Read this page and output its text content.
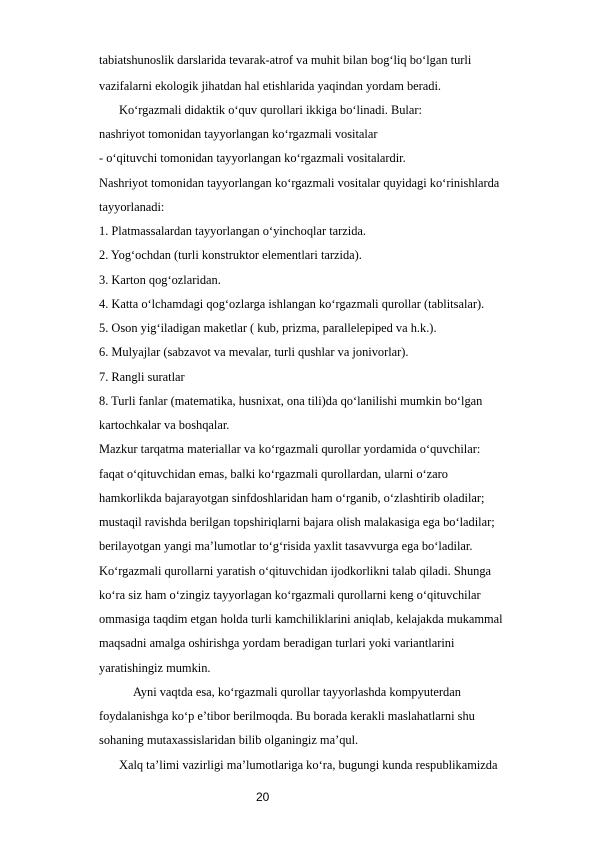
tabiatshunoslik darslarida tevarak-atrof va muhit bilan bog‘liq bo‘lgan turli
vazifalarni ekologik jihatdan hal etishlarida yaqindan yordam beradi.
Ko‘rgazmali didaktik o‘quv qurollari ikkiga bo‘linadi. Bular:
nashriyot tomonidan tayyorlangan ko‘rgazmali vositalar
- o‘qituvchi tomonidan tayyorlangan ko‘rgazmali vositalardir.
Nashriyot tomonidan tayyorlangan ko‘rgazmali vositalar quyidagi ko‘rinishlarda
tayyorlanadi:
1. Platmassalardan tayyorlangan o‘yinchoqlar tarzida.
2. Yog‘ochdan (turli konstruktor elementlari tarzida).
3. Karton qog‘ozlaridan.
4. Katta o‘lchamdagi qog‘ozlarga ishlangan ko‘rgazmali qurollar (tablitsalar).
5. Oson yig‘iladigan maketlar ( kub, prizma, parallelepiped va h.k.).
6. Mulyajlar (sabzavot va mevalar, turli qushlar va jonivorlar).
7. Rangli suratlar
8. Turli fanlar (matematika, husnixat, ona tili)da qo‘lanilishi mumkin bo‘lgan
kartochkalar va boshqalar.
Mazkur tarqatma materiallar va ko‘rgazmali qurollar yordamida o‘quvchilar:
faqat o‘qituvchidan emas, balki ko‘rgazmali qurollardan, ularni o‘zaro
hamkorlikda bajarayotgan sinfdoshlaridan ham o‘rganib, o‘zlashtirib oladilar;
mustaqil ravishda berilgan topshiriqlarni bajara olish malakasiga ega bo‘ladilar;
berilayotgan yangi ma’lumotlar to‘g‘risida yaxlit tasavvurga ega bo‘ladilar.
Ko‘rgazmali qurollarni yaratish o‘qituvchidan ijodkorlikni talab qiladi. Shunga
ko‘ra siz ham o‘zingiz tayyorlagan ko‘rgazmali qurollarni keng o‘qituvchilar
ommasiga taqdim etgan holda turli kamchiliklarini aniqlab, kelajakda mukammal
maqsadni amalga oshirishga yordam beradigan turlari yoki variantlarini
yaratishingiz mumkin.
Ayni vaqtda esa, ko‘rgazmali qurollar tayyorlashda kompyuterdan
foydalanishga ko‘p e’tibor berilmoqda. Bu borada kerakli maslahatlarni shu
sohaning mutaxassislaridan bilib olganingiz ma’qul.
Xalq ta’limi vazirligi ma’lumotlariga ko‘ra, bugungi kunda respublikamizda
20
